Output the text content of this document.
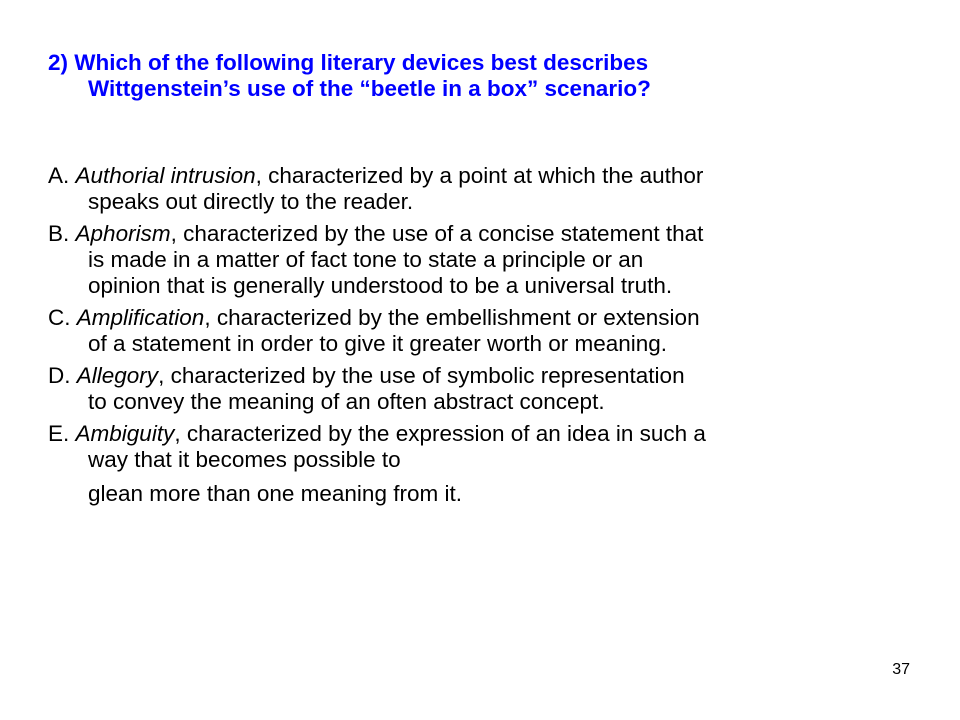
2) Which of the following literary devices best describes Wittgenstein’s use of the “beetle in a box” scenario?
A. Authorial intrusion, characterized by a point at which the author speaks out directly to the reader.
B. Aphorism, characterized by the use of a concise statement that is made in a matter of fact tone to state a principle or an opinion that is generally understood to be a universal truth.
C. Amplification, characterized by the embellishment or extension of a statement in order to give it greater worth or meaning.
D. Allegory, characterized by the use of symbolic representation to convey the meaning of an often abstract concept.
E. Ambiguity, characterized by the expression of an idea in such a way that it becomes possible to
glean more than one meaning from it.
37
